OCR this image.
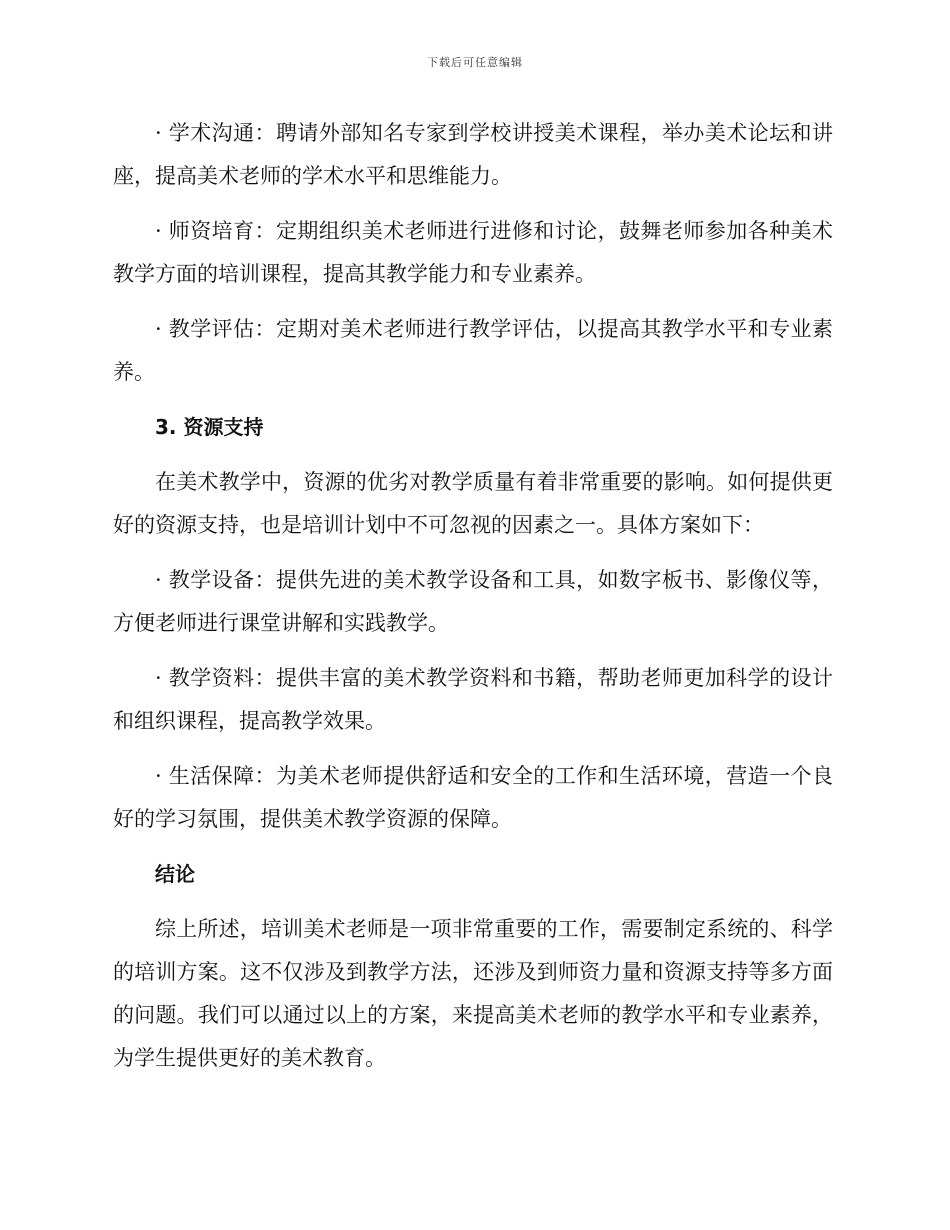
下载后可任意编辑

· 学术沟通：聘请外部知名专家到学校讲授美术课程，举办美术论坛和讲座，提高美术老师的学术水平和思维能力。

· 师资培育：定期组织美术老师进行进修和讨论，鼓舞老师参加各种美术教学方面的培训课程，提高其教学能力和专业素养。

· 教学评估：定期对美术老师进行教学评估，以提高其教学水平和专业素养。

3. 资源支持

在美术教学中，资源的优劣对教学质量有着非常重要的影响。如何提供更好的资源支持，也是培训计划中不可忽视的因素之一。具体方案如下：

· 教学设备：提供先进的美术教学设备和工具，如数字板书、影像仪等，方便老师进行课堂讲解和实践教学。

· 教学资料：提供丰富的美术教学资料和书籍，帮助老师更加科学的设计和组织课程，提高教学效果。

· 生活保障：为美术老师提供舒适和安全的工作和生活环境，营造一个良好的学习氛围，提供美术教学资源的保障。

结论

综上所述，培训美术老师是一项非常重要的工作，需要制定系统的、科学的培训方案。这不仅涉及到教学方法，还涉及到师资力量和资源支持等多方面的问题。我们可以通过以上的方案，来提高美术老师的教学水平和专业素养，为学生提供更好的美术教育。
